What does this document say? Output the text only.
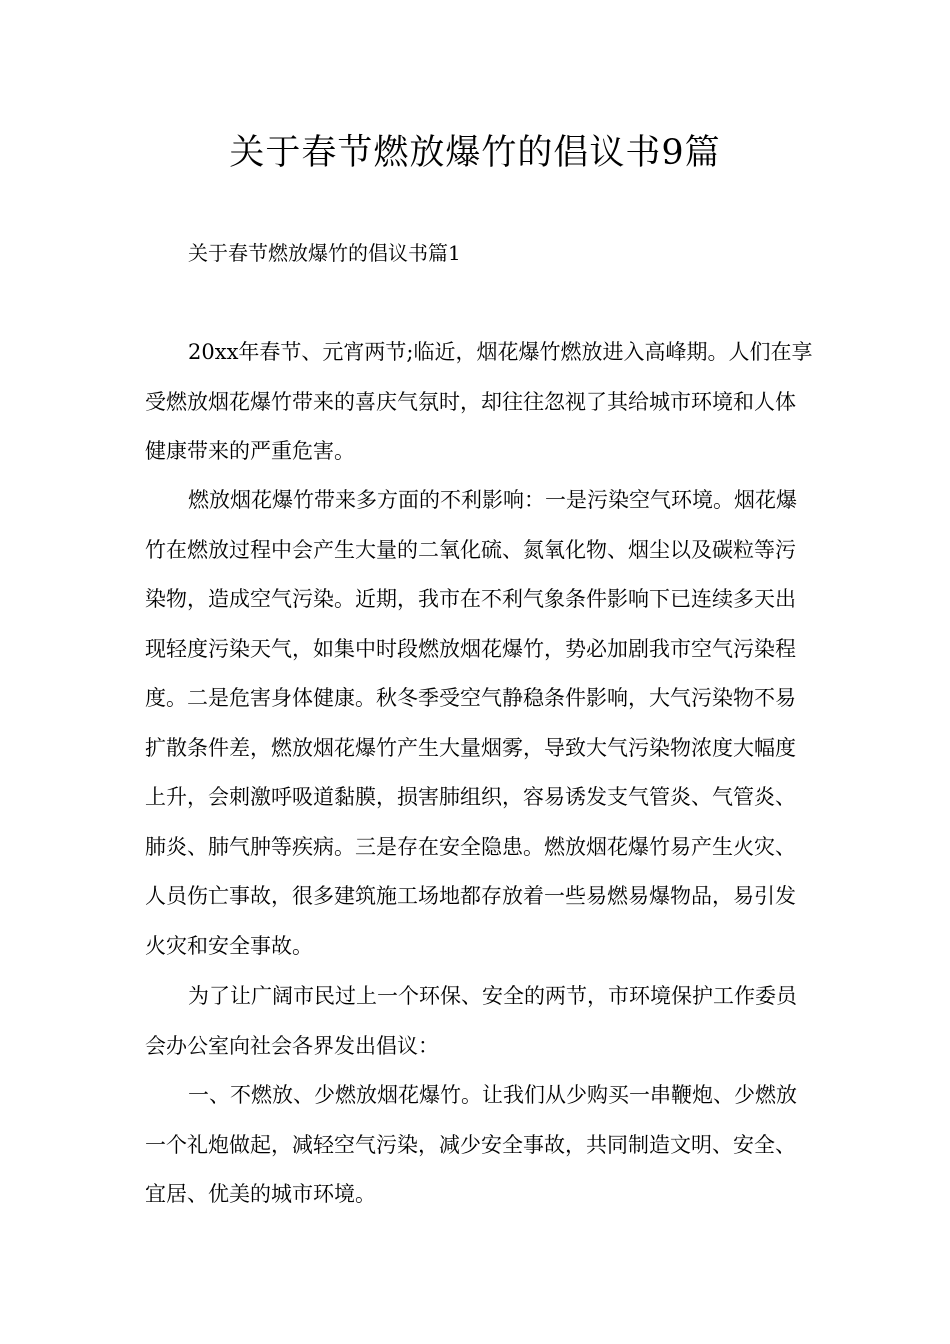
关于春节燃放爆竹的倡议书9篇
关于春节燃放爆竹的倡议书篇1

20xx年春节、元宵两节;临近，烟花爆竹燃放进入高峰期。人们在享受燃放烟花爆竹带来的喜庆气氛时，却往往忽视了其给城市环境和人体健康带来的严重危害。

燃放烟花爆竹带来多方面的不利影响：一是污染空气环境。烟花爆竹在燃放过程中会产生大量的二氧化硫、氮氧化物、烟尘以及碳粒等污染物，造成空气污染。近期，我市在不利气象条件影响下已连续多天出现轻度污染天气，如集中时段燃放烟花爆竹，势必加剧我市空气污染程度。二是危害身体健康。秋冬季受空气静稳条件影响，大气污染物不易扩散条件差，燃放烟花爆竹产生大量烟雾，导致大气污染物浓度大幅度上升，会刺激呼吸道黏膜，损害肺组织，容易诱发支气管炎、气管炎、肺炎、肺气肿等疾病。三是存在安全隐患。燃放烟花爆竹易产生火灾、人员伤亡事故，很多建筑施工场地都存放着一些易燃易爆物品，易引发火灾和安全事故。

为了让广阔市民过上一个环保、安全的两节，市环境保护工作委员会办公室向社会各界发出倡议：

一、不燃放、少燃放烟花爆竹。让我们从少购买一串鞭炮、少燃放一个礼炮做起，减轻空气污染，减少安全事故，共同制造文明、安全、宜居、优美的城市环境。
